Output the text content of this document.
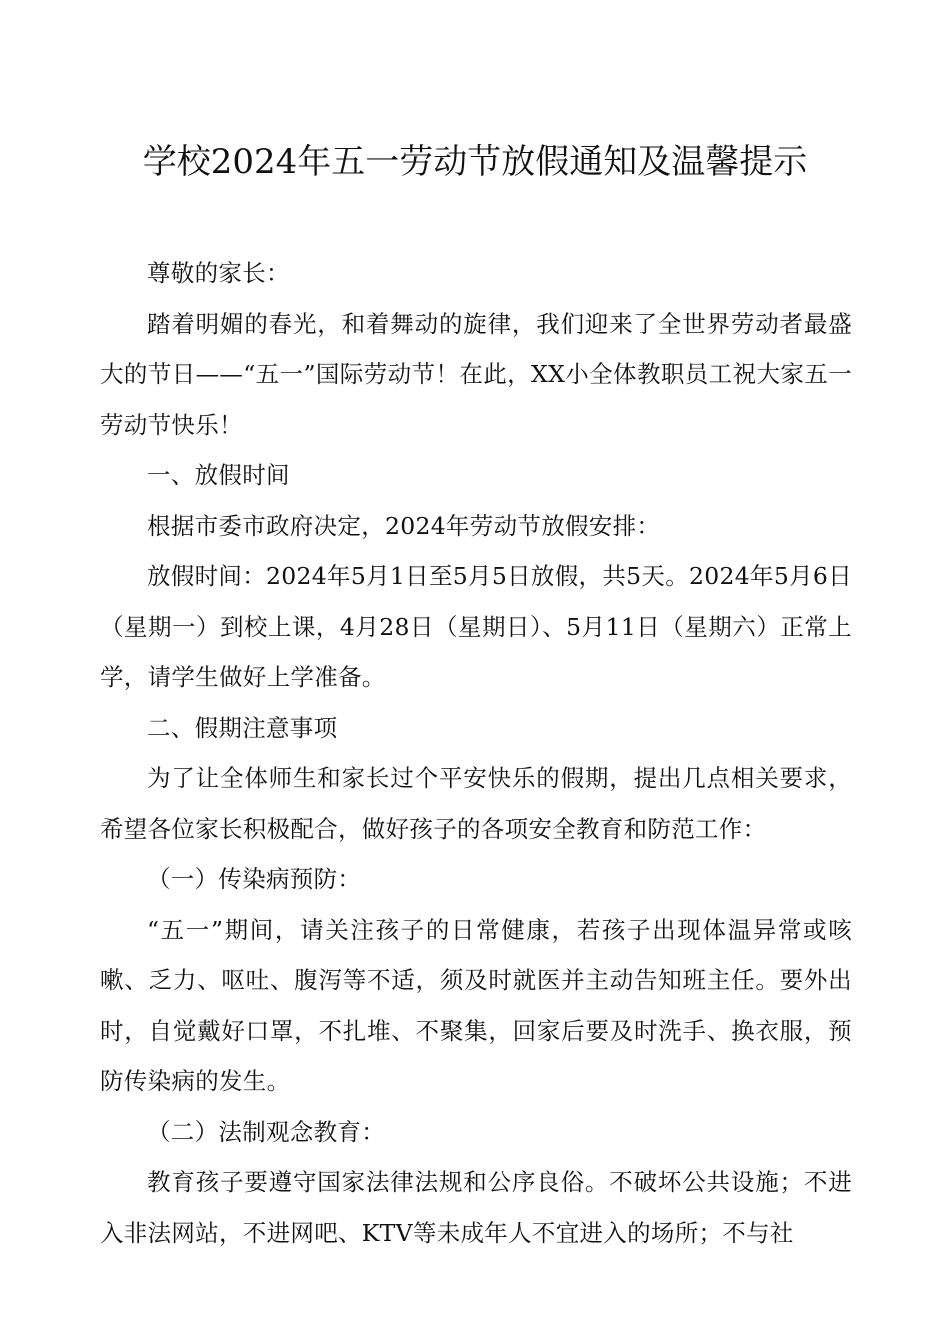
学校2024年五一劳动节放假通知及温馨提示

尊敬的家长：

踏着明媚的春光，和着舞动的旋律，我们迎来了全世界劳动者最盛大的节日——“五一”国际劳动节！在此，XX小全体教职员工祝大家五一劳动节快乐！

一、放假时间

根据市委市政府决定，2024年劳动节放假安排：

放假时间：2024年5月1日至5月5日放假，共5天。2024年5月6日（星期一）到校上课，4月28日（星期日）、5月11日（星期六）正常上学，请学生做好上学准备。

二、假期注意事项

为了让全体师生和家长过个平安快乐的假期，提出几点相关要求，希望各位家长积极配合，做好孩子的各项安全教育和防范工作：

（一）传染病预防：

“五一”期间，请关注孩子的日常健康，若孩子出现体温异常或咳嗽、乏力、呕吐、腹泻等不适，须及时就医并主动告知班主任。要外出时，自觉戴好口罩，不扎堆、不聚集，回家后要及时洗手、换衣服，预防传染病的发生。

（二）法制观念教育：

教育孩子要遵守国家法律法规和公序良俗。不破坏公共设施；不进入非法网站，不进网吧、KTV等未成年人不宜进入的场所；不与社
